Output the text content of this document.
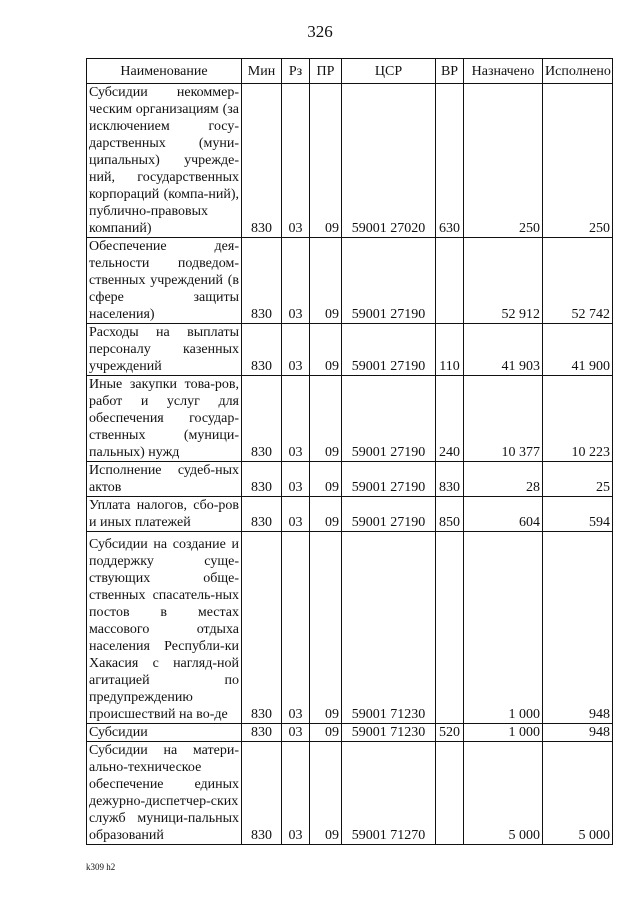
326
Наименование	Мин	Рз	ПР	ЦСР	ВР	Назначено	Исполнено
Субсидии некоммер-ческим организациям (за исключением госу-дарственных (муни-ципальных) учрежде-ний, государственных корпораций (компа-ний), публично-правовых компаний)	830	03	09	59001 27020	630	250	250
Обеспечение дея-тельности подведом-ственных учреждений (в сфере защиты населения)	830	03	09	59001 27190		52 912	52 742
Расходы на выплаты персоналу казенных учреждений	830	03	09	59001 27190	110	41 903	41 900
Иные закупки това-ров, работ и услуг для обеспечения государ-ственных (муници-пальных) нужд	830	03	09	59001 27190	240	10 377	10 223
Исполнение судеб-ных актов	830	03	09	59001 27190	830	28	25
Уплата налогов, сбо-ров и иных платежей	830	03	09	59001 27190	850	604	594
Субсидии на создание и поддержку суще-ствующих обще-ственных спасатель-ных постов в местах массового отдыха населения Республи-ки Хакасия с нагляд-ной агитацией по предупреждению происшествий на во-де	830	03	09	59001 71230		1 000	948
Субсидии	830	03	09	59001 71230	520	1 000	948
Субсидии на матери-ально-техническое обеспечение единых дежурно-диспетчер-ских служб муници-пальных образований	830	03	09	59001 71270		5 000	5 000
k309 h2
